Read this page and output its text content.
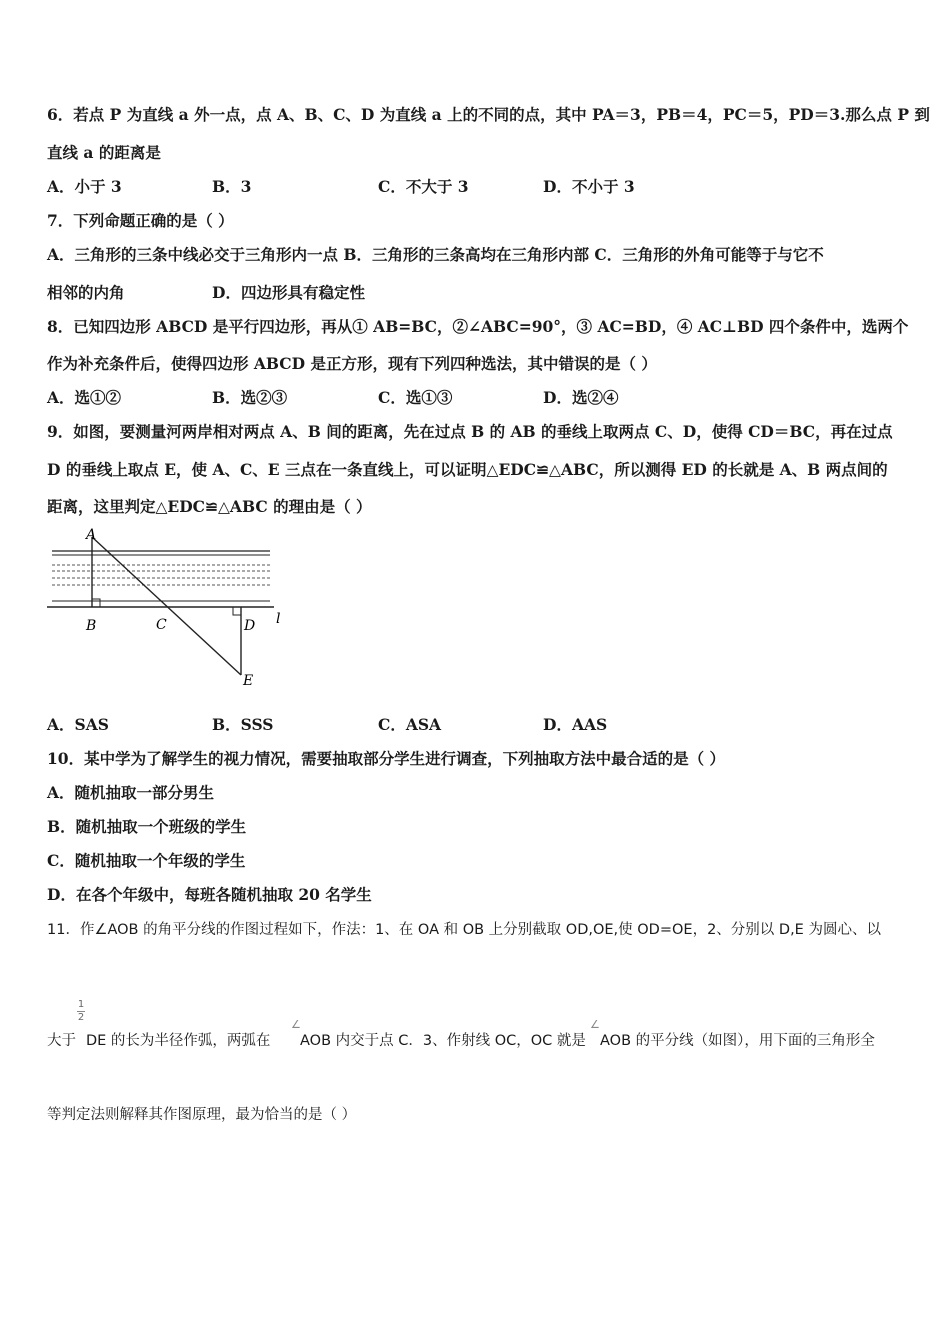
6．若点 P 为直线 a 外一点，点 A、B、C、D 为直线 a 上的不同的点，其中 PA＝3，PB＝4，PC＝5，PD＝3.那么点 P 到
直线 a 的距离是
A．小于 3	B．3	C．不大于 3	D．不小于 3
7．下列命题正确的是（ ）
A．三角形的三条中线必交于三角形内一点 B．三角形的三条高均在三角形内部 C．三角形的外角可能等于与它不
相邻的内角	D．四边形具有稳定性
8．已知四边形 ABCD 是平行四边形，再从① AB=BC，②∠ABC=90°，③ AC=BD，④ AC⊥BD 四个条件中，选两个
作为补充条件后，使得四边形 ABCD 是正方形，现有下列四种选法，其中错误的是（ ）
A．选①②	B．选②③	C．选①③	D．选②④
9．如图，要测量河两岸相对两点 A、B 间的距离，先在过点 B 的 AB 的垂线上取两点 C、D，使得 CD＝BC，再在过点
D 的垂线上取点 E，使 A、C、E 三点在一条直线上，可以证明△EDC≌△ABC，所以测得 ED 的长就是 A、B 两点间的
距离，这里判定△EDC≌△ABC 的理由是（ ）
A
B	C	D
E
l
A．SAS	B．SSS	C．ASA	D．AAS
10．某中学为了解学生的视力情况，需要抽取部分学生进行调查，下列抽取方法中最合适的是（ ）
A．随机抽取一部分男生
B．随机抽取一个班级的学生
C．随机抽取一个年级的学生
D．在各个年级中，每班各随机抽取 20 名学生
11．作∠AOB 的角平分线的作图过程如下，作法：1、在 OA 和 OB 上分别截取 OD,OE,使 OD=OE，2、分别以 D,E 为圆心、以
1
2
大于 DE 的长为半径作弧，两弧在
∠
AOB 内交于点 C．3、作射线 OC，OC 就是
∠
AOB 的平分线（如图），用下面的三角形全
等判定法则解释其作图原理，最为恰当的是（ ）
